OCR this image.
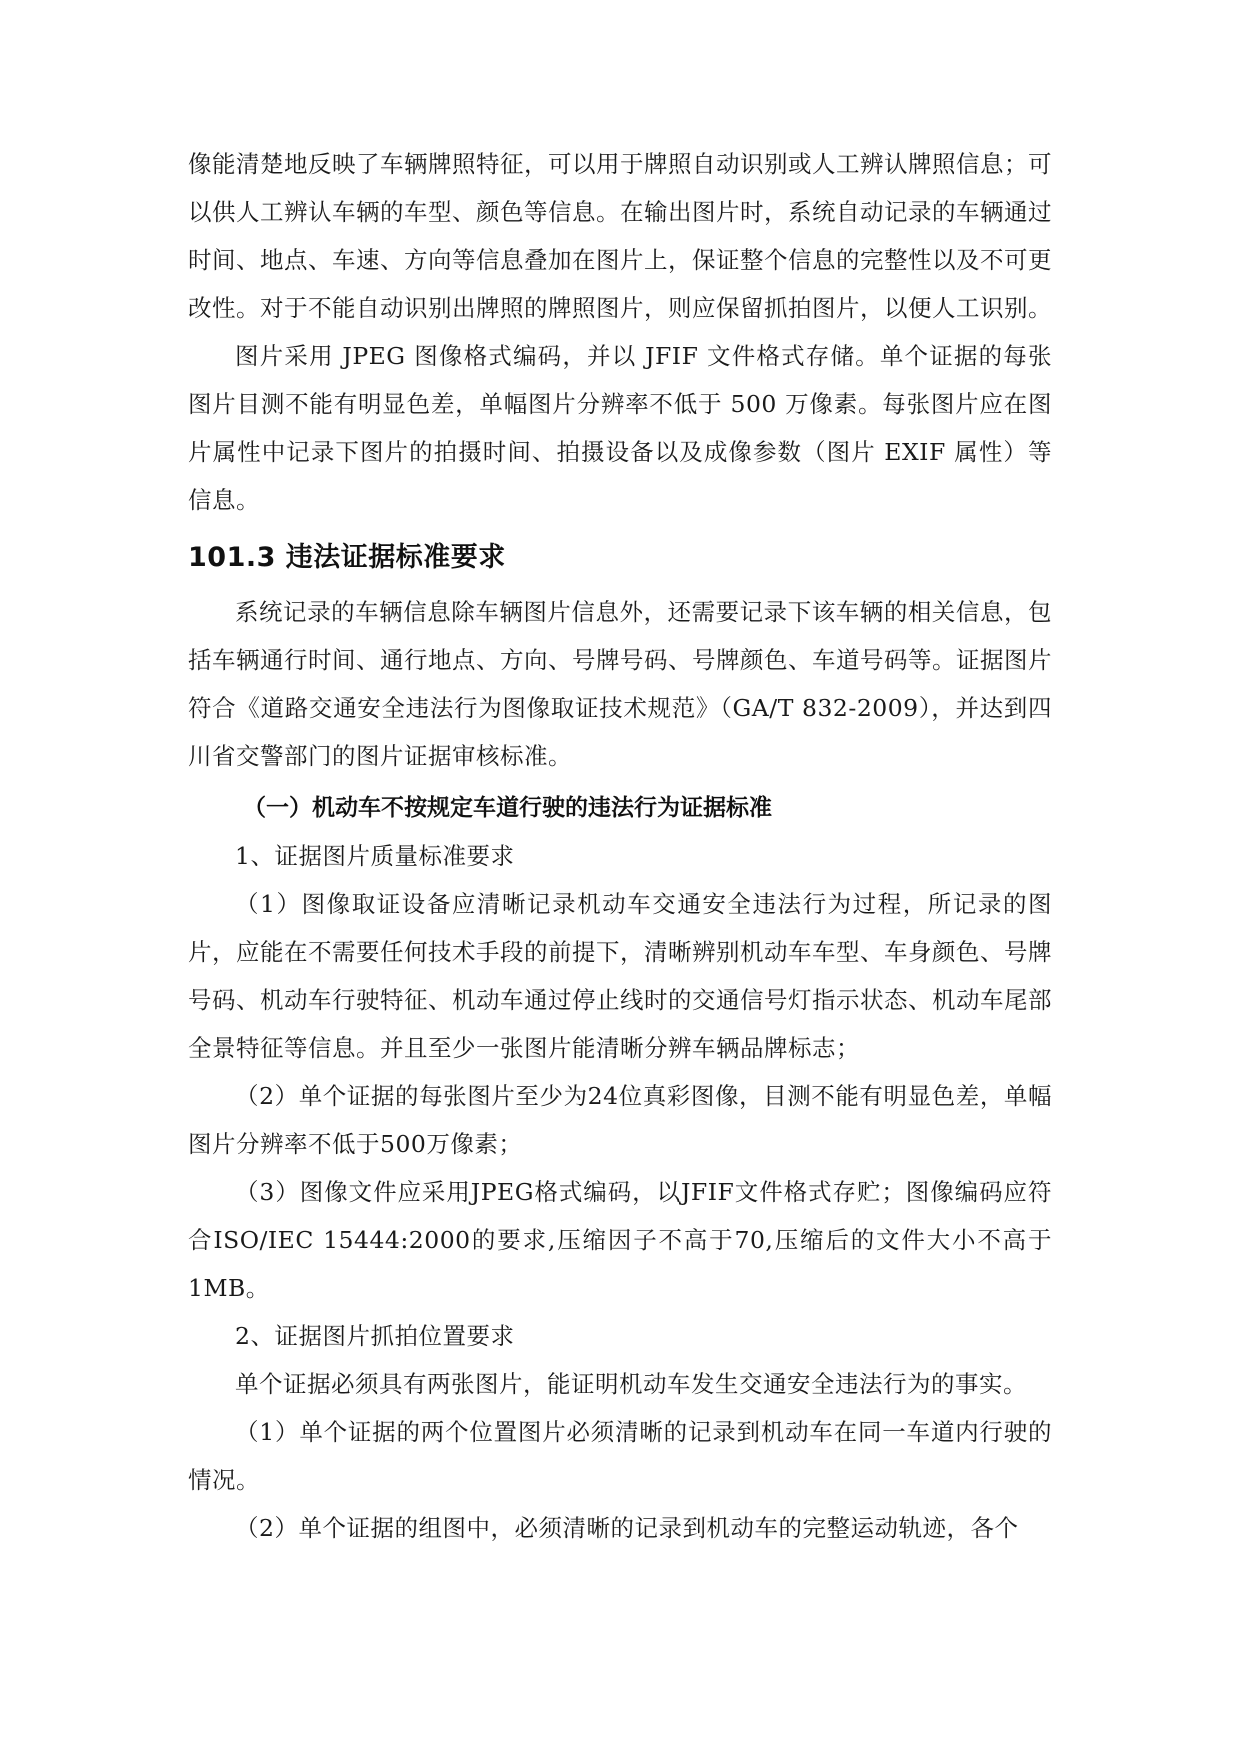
像能清楚地反映了车辆牌照特征，可以用于牌照自动识别或人工辨认牌照信息；可以供人工辨认车辆的车型、颜色等信息。在输出图片时，系统自动记录的车辆通过时间、地点、车速、方向等信息叠加在图片上，保证整个信息的完整性以及不可更改性。对于不能自动识别出牌照的牌照图片，则应保留抓拍图片，以便人工识别。

图片采用 JPEG 图像格式编码，并以 JFIF 文件格式存储。单个证据的每张图片目测不能有明显色差，单幅图片分辨率不低于 500 万像素。每张图片应在图片属性中记录下图片的拍摄时间、拍摄设备以及成像参数（图片 EXIF 属性）等信息。

101.3 违法证据标准要求

系统记录的车辆信息除车辆图片信息外，还需要记录下该车辆的相关信息，包括车辆通行时间、通行地点、方向、号牌号码、号牌颜色、车道号码等。证据图片符合《道路交通安全违法行为图像取证技术规范》（GA/T 832-2009），并达到四川省交警部门的图片证据审核标准。

（一）机动车不按规定车道行驶的违法行为证据标准

1、证据图片质量标准要求

（1）图像取证设备应清晰记录机动车交通安全违法行为过程，所记录的图片，应能在不需要任何技术手段的前提下，清晰辨别机动车车型、车身颜色、号牌号码、机动车行驶特征、机动车通过停止线时的交通信号灯指示状态、机动车尾部全景特征等信息。并且至少一张图片能清晰分辨车辆品牌标志；

（2）单个证据的每张图片至少为24位真彩图像，目测不能有明显色差，单幅图片分辨率不低于500万像素；

（3）图像文件应采用JPEG格式编码，以JFIF文件格式存贮；图像编码应符合ISO/IEC 15444:2000的要求,压缩因子不高于70,压缩后的文件大小不高于1MB。

2、证据图片抓拍位置要求

单个证据必须具有两张图片，能证明机动车发生交通安全违法行为的事实。

（1）单个证据的两个位置图片必须清晰的记录到机动车在同一车道内行驶的情况。

（2）单个证据的组图中，必须清晰的记录到机动车的完整运动轨迹，各个
